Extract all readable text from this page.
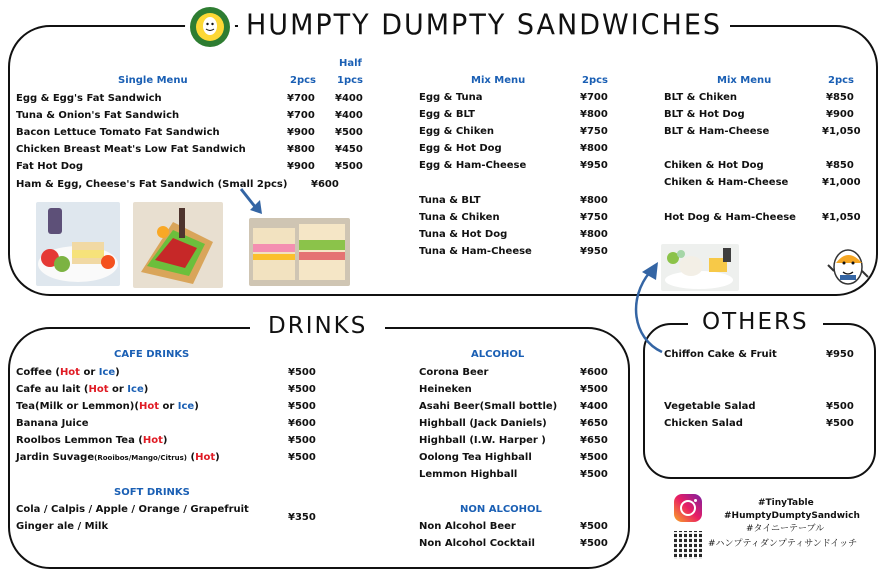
HUMPTY DUMPTY SANDWICHES
DRINKS	OTHERS
Single Menu	2pcs
Half
1pcs
Egg & Egg's Fat Sandwich	¥700 ¥400
Tuna & Onion's Fat Sandwich	¥700 ¥400
Bacon Lettuce Tomato Fat Sandwich	¥900 ¥500
Chicken Breast Meat's Low Fat Sandwich	¥800 ¥450
Fat Hot Dog	¥900 ¥500
Ham & Egg, Cheese's Fat Sandwich (Small 2pcs) ¥600
Mix Menu	2pcs
Egg & Tuna	¥700
Egg & BLT	¥800
Egg & Chiken	¥750
Egg & Hot Dog	¥800
Egg & Ham-Cheese	¥950
Tuna & BLT	¥800
Tuna & Chiken	¥750
Tuna & Hot Dog	¥800
Tuna & Ham-Cheese	¥950
Mix Menu	2pcs
BLT & Chiken	¥850
BLT & Hot Dog	¥900
BLT & Ham-Cheese	¥1,050
Chiken & Hot Dog	¥850
Chiken & Ham-Cheese	¥1,000
Hot Dog & Ham-Cheese	¥1,050
CAFE DRINKS
Coffee (Hot or Ice)	¥500
Cafe au lait (Hot or Ice)	¥500
Tea(Milk or Lemmon)(Hot or Ice)	¥500
Banana Juice	¥600
Roolbos Lemmon Tea (Hot)	¥500
Jardin Suvage(Rooibos/Mango/Citrus) (Hot)	¥500
SOFT DRINKS
Cola / Calpis / Apple / Orange / Grapefruit
Ginger ale / Milk
¥350
ALCOHOL
Corona Beer	¥600
Heineken	¥500
Asahi Beer(Small bottle) ¥400
Highball (Jack Daniels)	¥650
Highball (I.W. Harper )	¥650
Oolong Tea Highball	¥500
Lemmon Highball	¥500
NON ALCOHOL
Non Alcohol Beer	¥500
Non Alcohol Cocktail	¥500
Chiffon Cake & Fruit	¥950
Vegetable Salad	¥500
Chicken Salad	¥500
#TinyTable
#HumptyDumptySandwich
#タイニーテーブル
#ハンプティダンプティサンドイッチ
